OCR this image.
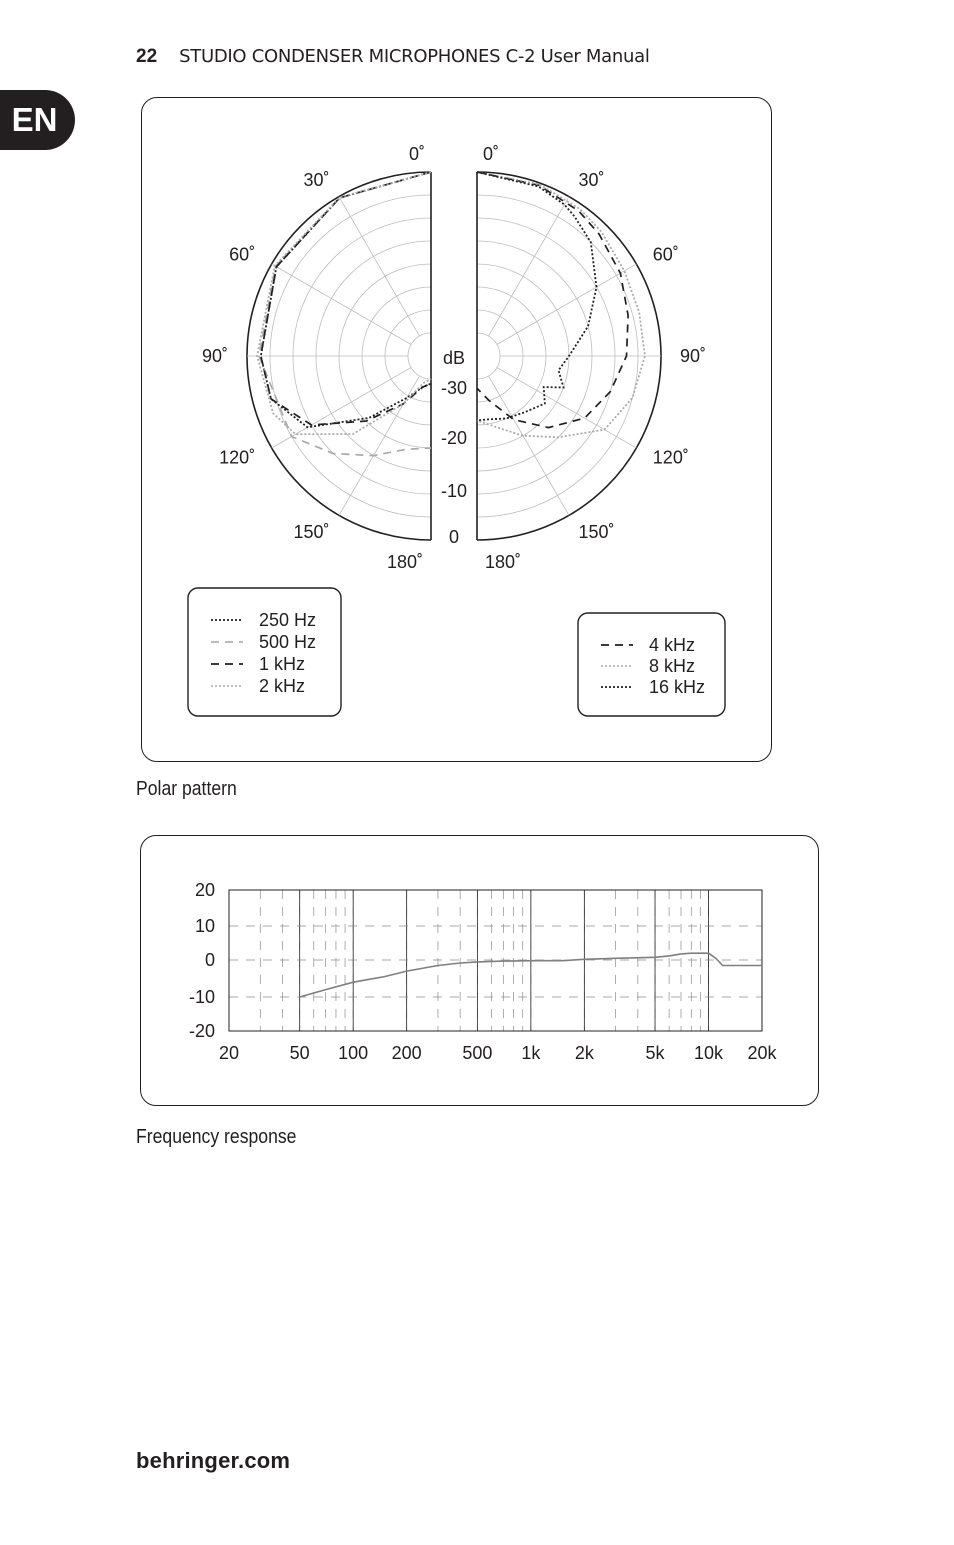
22 STUDIO CONDENSER MICROPHONES C-2 User Manual
EN
0˚
30˚
60˚
90˚
120˚
150˚
180˚
0˚
30˚
60˚
90˚
120˚
150˚
180˚
dB
-30
-20
-10
0
250 Hz
500 Hz
1 kHz
2 kHz
4 kHz
8 kHz
16 kHz
Polar pattern
20	50 100 200 500 1k 2k	5k 10k 20k
20
10
0
-10
-20
Frequency response
behringer.com
